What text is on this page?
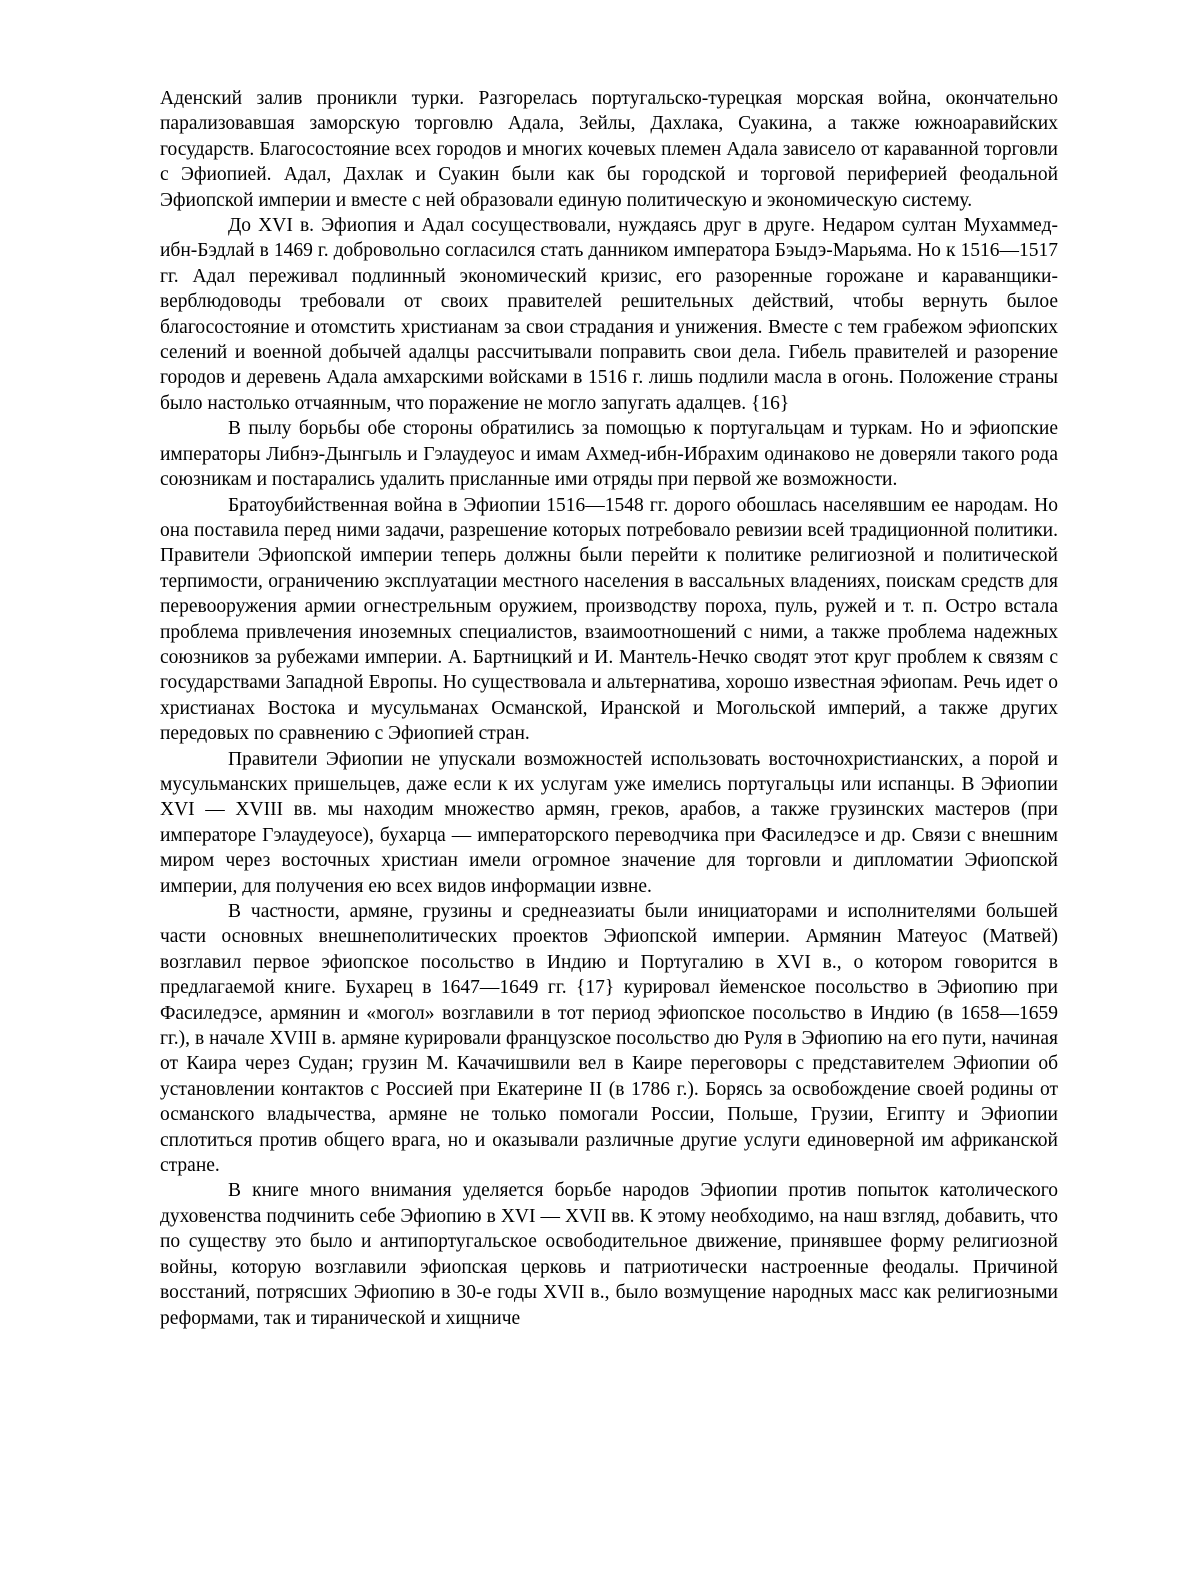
Аденский залив проникли турки. Разгорелась португальско-турецкая морская война, окончательно парализовавшая заморскую торговлю Адала, Зейлы, Дахлака, Суакина, а также южноаравийских государств. Благосостояние всех городов и многих кочевых племен Адала зависело от караванной торговли с Эфиопией. Адал, Дахлак и Суакин были как бы городской и торговой периферией феодальной Эфиопской империи и вместе с ней образовали единую политическую и экономическую систему.

До XVI в. Эфиопия и Адал сосуществовали, нуждаясь друг в друге. Недаром султан Мухаммед-ибн-Бэдлай в 1469 г. добровольно согласился стать данником императора Бэыдэ-Марьяма. Но к 1516—1517 гг. Адал переживал подлинный экономический кризис, его разоренные горожане и караванщики-верблюдоводы требовали от своих правителей решительных действий, чтобы вернуть былое благосостояние и отомстить христианам за свои страдания и унижения. Вместе с тем грабежом эфиопских селений и военной добычей адалцы рассчитывали поправить свои дела. Гибель правителей и разорение городов и деревень Адала амхарскими войсками в 1516 г. лишь подлили масла в огонь. Положение страны было настолько отчаянным, что поражение не могло запугать адалцев. {16}

В пылу борьбы обе стороны обратились за помощью к португальцам и туркам. Но и эфиопские императоры Либнэ-Дынгыль и Гэлаудеуос и имам Ахмед-ибн-Ибрахим одинаково не доверяли такого рода союзникам и постарались удалить присланные ими отряды при первой же возможности.

Братоубийственная война в Эфиопии 1516—1548 гг. дорого обошлась населявшим ее народам. Но она поставила перед ними задачи, разрешение которых потребовало ревизии всей традиционной политики. Правители Эфиопской империи теперь должны были перейти к политике религиозной и политической терпимости, ограничению эксплуатации местного населения в вассальных владениях, поискам средств для перевооружения армии огнестрельным оружием, производству пороха, пуль, ружей и т. п. Остро встала проблема привлечения иноземных специалистов, взаимоотношений с ними, а также проблема надежных союзников за рубежами империи. А. Бартницкий и И. Мантель-Нечко сводят этот круг проблем к связям с государствами Западной Европы. Но существовала и альтернатива, хорошо известная эфиопам. Речь идет о христианах Востока и мусульманах Османской, Иранской и Могольской империй, а также других передовых по сравнению с Эфиопией стран.

Правители Эфиопии не упускали возможностей использовать восточнохристианских, а порой и мусульманских пришельцев, даже если к их услугам уже имелись португальцы или испанцы. В Эфиопии XVI — XVIII вв. мы находим множество армян, греков, арабов, а также грузинских мастеров (при императоре Гэлаудеуосе), бухарца — императорского переводчика при Фасиледэсе и др. Связи с внешним миром через восточных христиан имели огромное значение для торговли и дипломатии Эфиопской империи, для получения ею всех видов информации извне.

В частности, армяне, грузины и среднеазиаты были инициаторами и исполнителями большей части основных внешнеполитических проектов Эфиопской империи. Армянин Матеуос (Матвей) возглавил первое эфиопское посольство в Индию и Португалию в XVI в., о котором говорится в предлагаемой книге. Бухарец в 1647—1649 гг. {17} курировал йеменское посольство в Эфиопию при Фасиледэсе, армянин и «могол» возглавили в тот период эфиопское посольство в Индию (в 1658—1659 гг.), в начале XVIII в. армяне курировали французское посольство дю Руля в Эфиопию на его пути, начиная от Каира через Судан; грузин М. Качачишвили вел в Каире переговоры с представителем Эфиопии об установлении контактов с Россией при Екатерине II (в 1786 г.). Борясь за освобождение своей родины от османского владычества, армяне не только помогали России, Польше, Грузии, Египту и Эфиопии сплотиться против общего врага, но и оказывали различные другие услуги единоверной им африканской стране.

В книге много внимания уделяется борьбе народов Эфиопии против попыток католического духовенства подчинить себе Эфиопию в XVI — XVII вв. К этому необходимо, на наш взгляд, добавить, что по существу это было и антипортугальское освободительное движение, принявшее форму религиозной войны, которую возглавили эфиопская церковь и патриотически настроенные феодалы. Причиной восстаний, потрясших Эфиопию в 30-е годы XVII в., было возмущение народных масс как религиозными реформами, так и тиранической и хищниче
